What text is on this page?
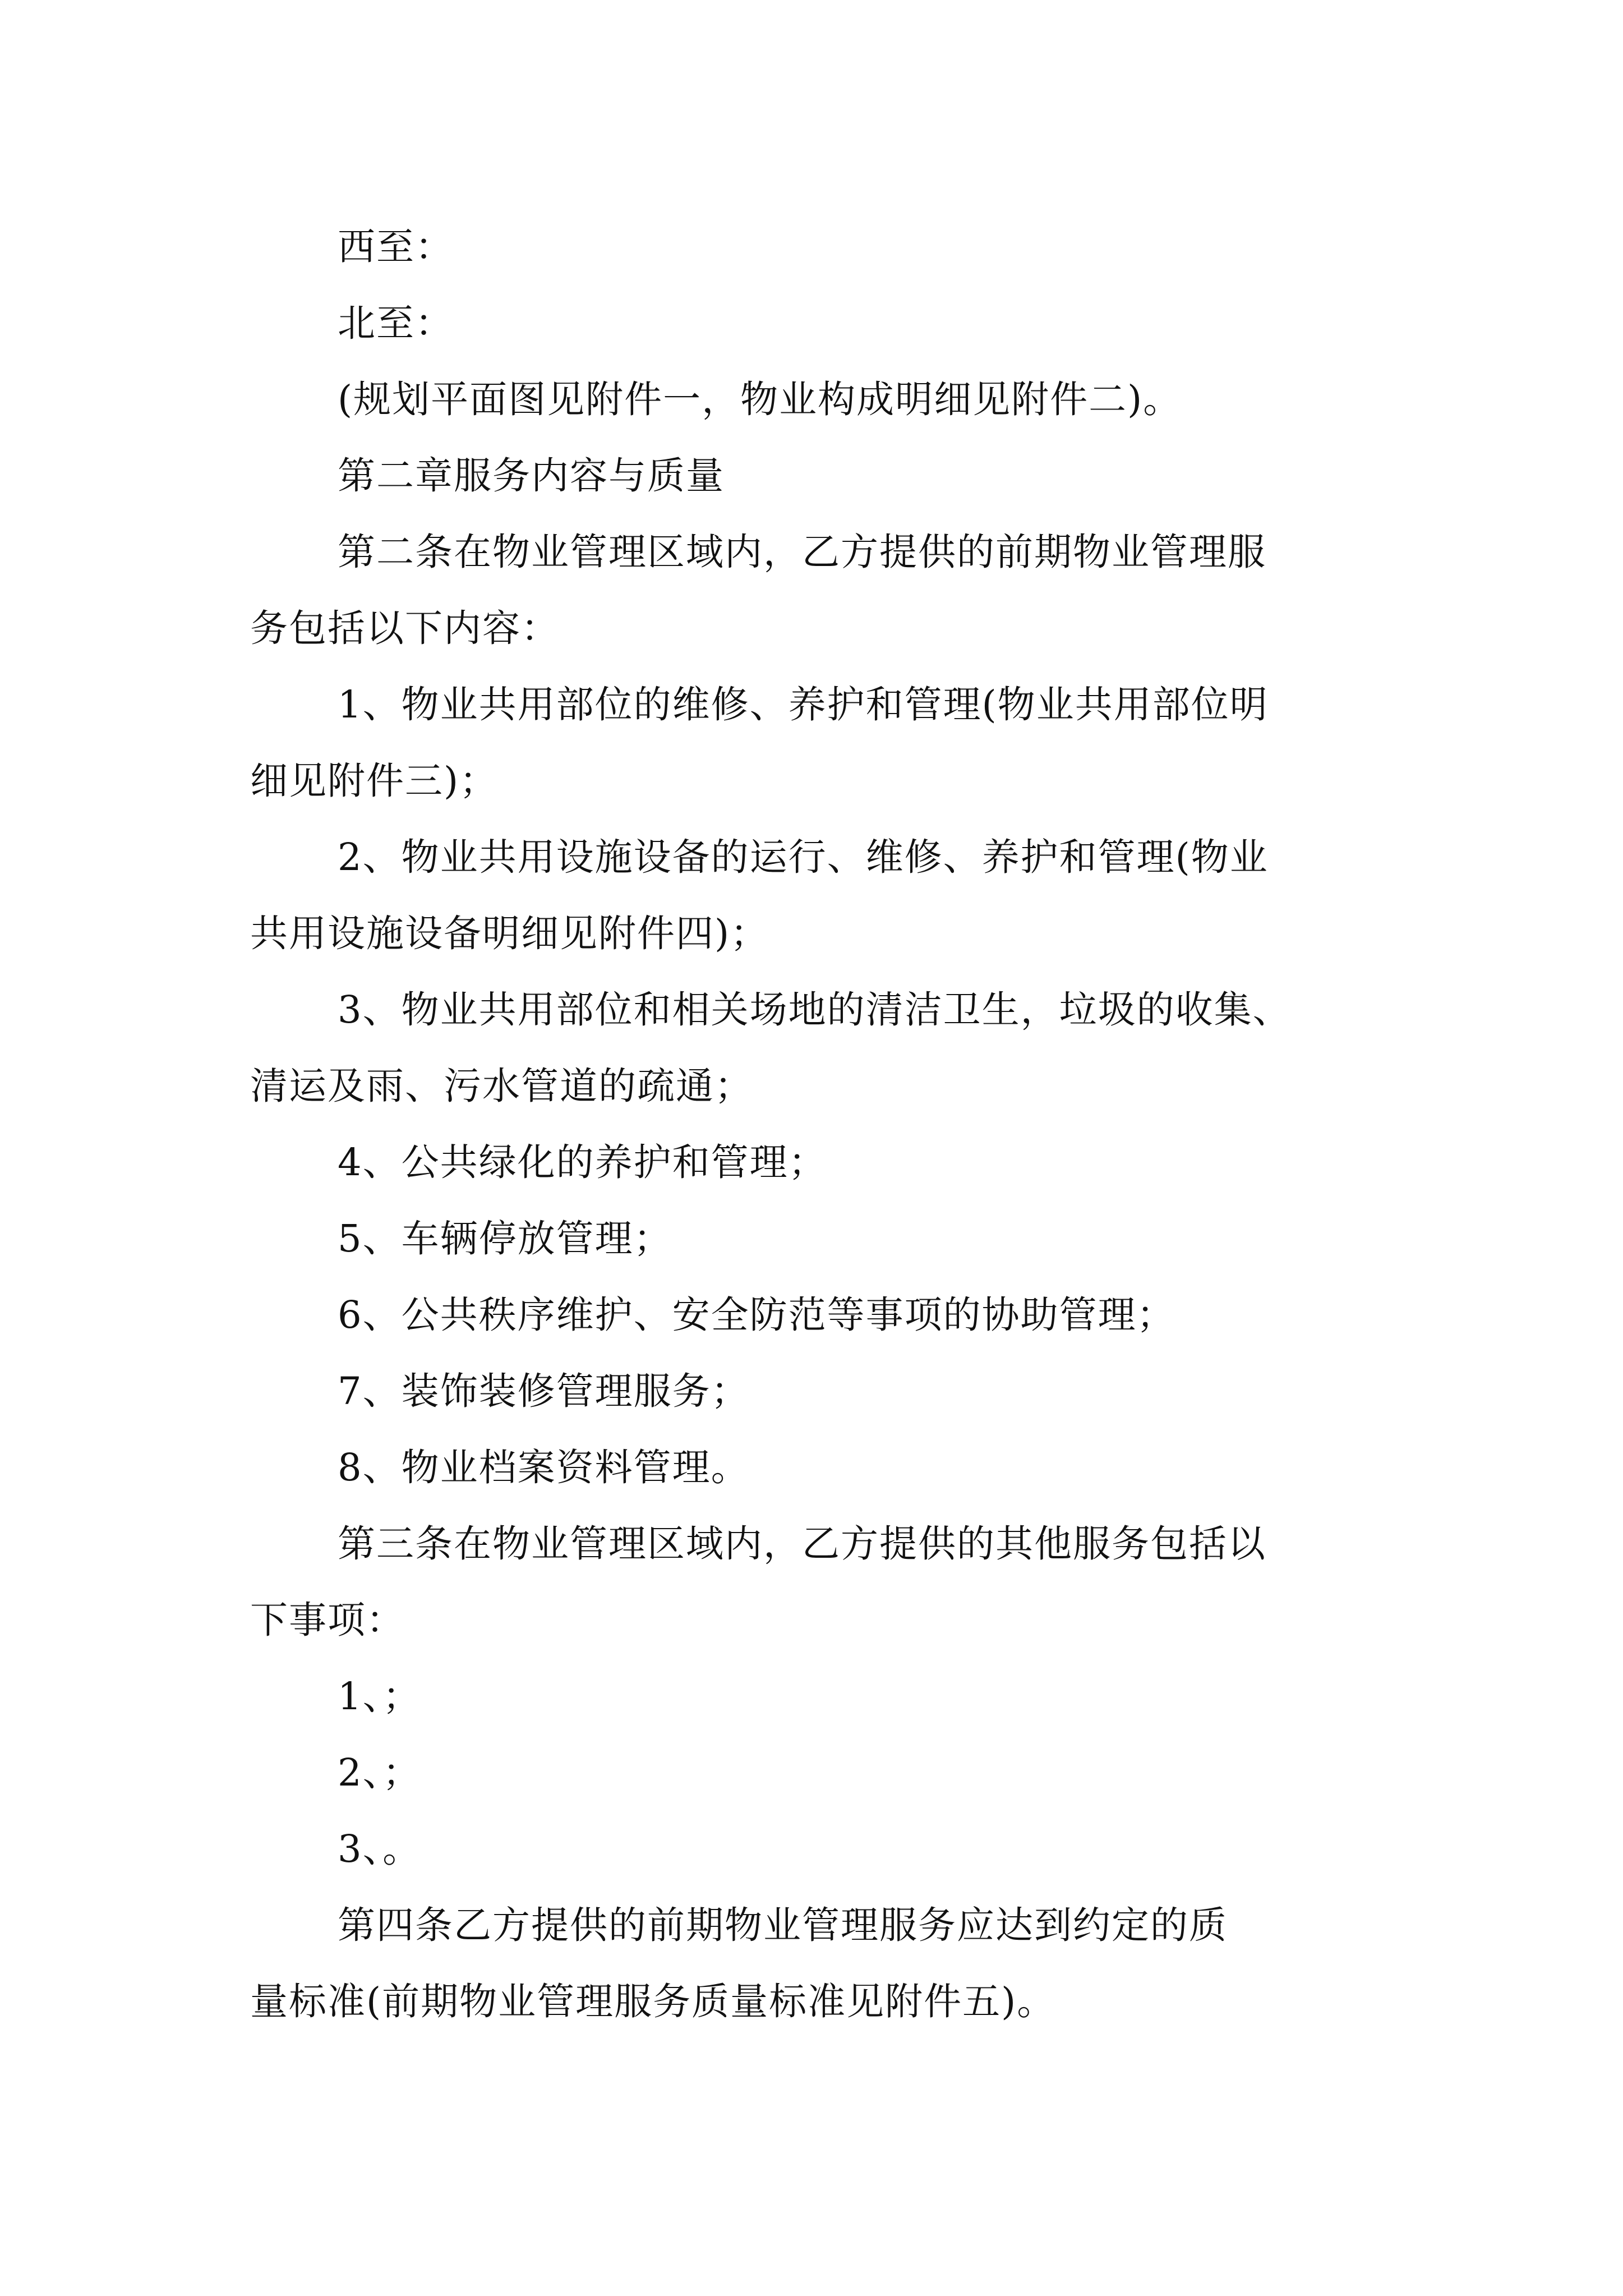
西至：
北至：
(规划平面图见附件一，物业构成明细见附件二)。
第二章服务内容与质量
第二条在物业管理区域内，乙方提供的前期物业管理服
务包括以下内容：
1、物业共用部位的维修、养护和管理(物业共用部位明
细见附件三)；
2、物业共用设施设备的运行、维修、养护和管理(物业
共用设施设备明细见附件四)；
3、物业共用部位和相关场地的清洁卫生，垃圾的收集、
清运及雨、污水管道的疏通；
4、公共绿化的养护和管理；
5、车辆停放管理；
6、公共秩序维护、安全防范等事项的协助管理；
7、装饰装修管理服务；
8、物业档案资料管理。
第三条在物业管理区域内，乙方提供的其他服务包括以
下事项：
1、；
2、；
3、。
第四条乙方提供的前期物业管理服务应达到约定的质
量标准(前期物业管理服务质量标准见附件五)。
